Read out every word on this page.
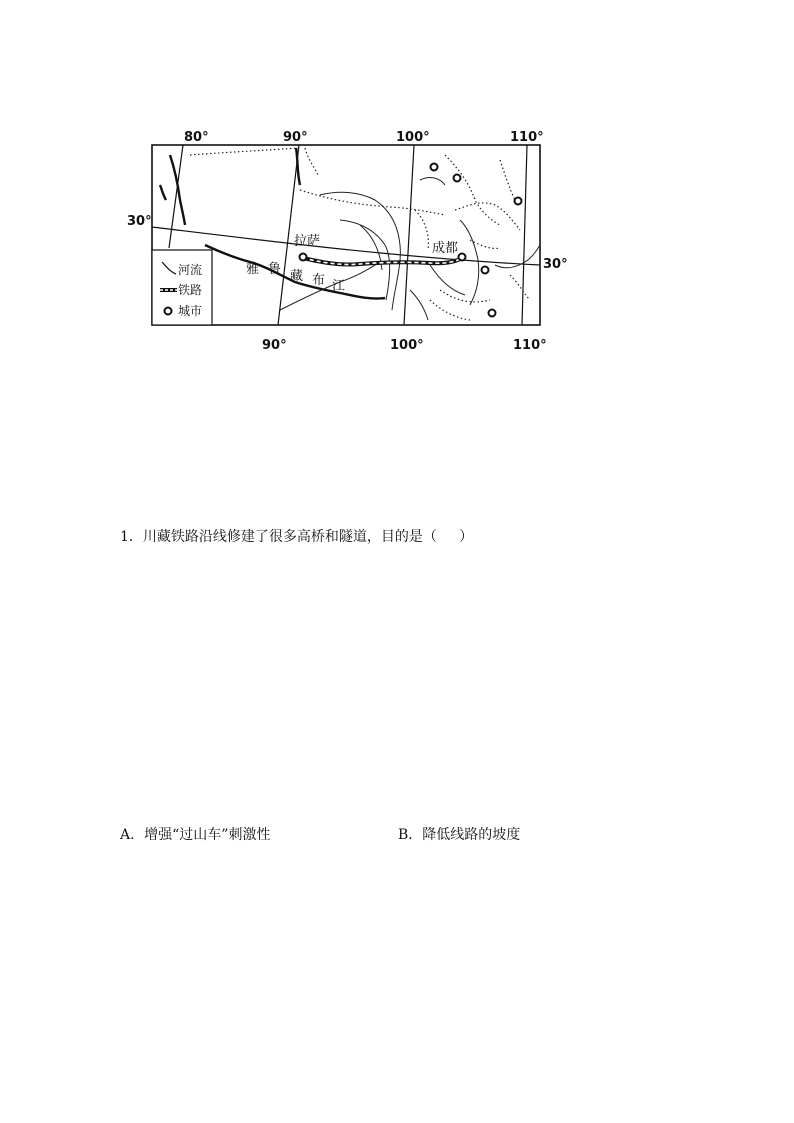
80°	90°	100°	110°
90°	100°	110°
30°
30°
拉萨	成都
雅 鲁 藏 布 江
河流
铁路
城市
1．川藏铁路沿线修建了很多高桥和隧道，目的是（     ）
A．增强“过山车”刺激性	B．降低线路的坡度
